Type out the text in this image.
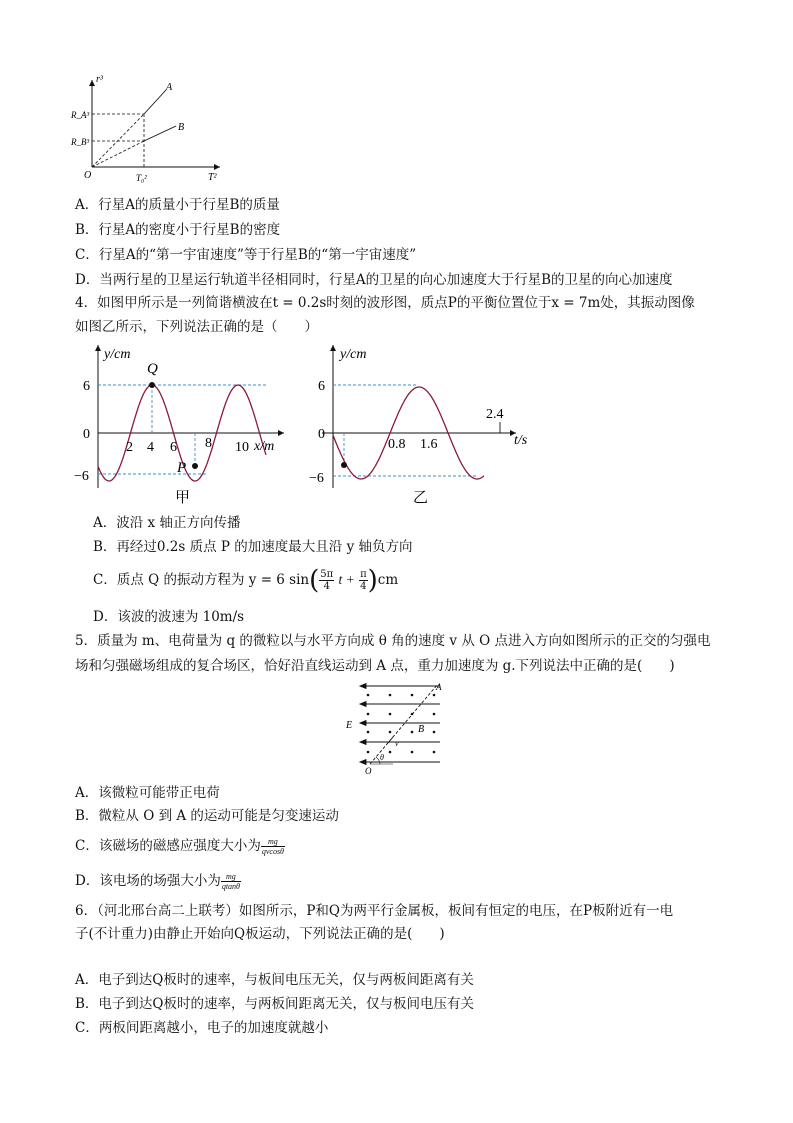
r³
T²
O	T₀²
R_A³
R_B³
A
B
A．行星A的质量小于行星B的质量
B．行星A的密度小于行星B的密度
C．行星A的“第一宇宙速度”等于行星B的“第一宇宙速度”
D．当两行星的卫星运行轨道半径相同时，行星A的卫星的向心加速度大于行星B的卫星的向心加速度
4．如图甲所示是一列简谐横波在t = 0.2s时刻的波形图，质点P的平衡位置位于x = 7m处，其振动图像
如图乙所示，下列说法正确的是（　　）
y/cm
x/m
6
0
−6
2 4 6 8 10
Q
P
甲
y/cm
t/s
6
0
−6
0.8 1.6
2.4
乙
A．波沿 x 轴正方向传播
B．再经过0.2s 质点 P 的加速度最大且沿 y 轴负方向
C．质点 Q 的振动方程为 y = 6 $\sin( \frac{5\pi}{4}$ $t + \frac{\pi}{4} )cm$
D．该波的波速为 10m/s
5．质量为 m、电荷量为 q 的微粒以与水平方向成 θ 角的速度 v 从 O 点进入方向如图所示的正交的匀强电
场和匀强磁场组成的复合场区，恰好沿直线运动到 A 点，重力加速度为 g.下列说法中正确的是(　　)
E	B
A
O
v
θ
A．该微粒可能带正电荷
B．微粒从 O 到 A 的运动可能是匀变速运动
C．该磁场的磁感应强度大小为 $\frac{mg}{qvcos\theta}$
D．该电场的场强大小为 $\frac{mg}{qtan\theta}$
6．（河北邢台高二上联考）如图所示，P和Q为两平行金属板，板间有恒定的电压，在P板附近有一电
子(不计重力)由静止开始向Q板运动，下列说法正确的是(　　)
A．电子到达Q板时的速率，与板间电压无关，仅与两板间距离有关
B．电子到达Q板时的速率，与两板间距离无关，仅与板间电压有关
C．两板间距离越小，电子的加速度就越小
